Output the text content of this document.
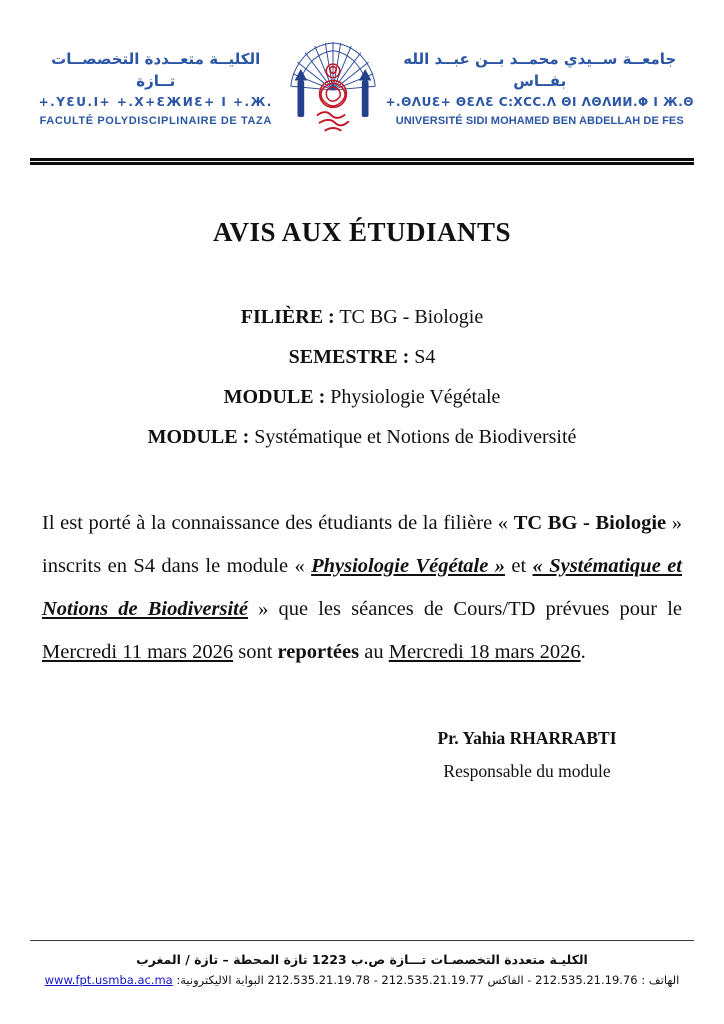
الكليــة متعــددة التخصصــات تــازة
+.YƐU.I+ +.X+ƐЖИƐ+ I +.Ж.
FACULTÉ POLYDISCIPLINAIRE DE TAZA
جامعــة ســيدي محمــد بــن عبــد الله بفــاس
+.ΘΛUƐ+ ΘƐΛƐ C:ΧCC.Λ ΘΙ ΛΘΛИИ.Φ I Ж.Θ
UNIVERSITÉ SIDI MOHAMED BEN ABDELLAH DE FES
AVIS AUX ÉTUDIANTS
FILIÈRE : TC BG - Biologie
SEMESTRE : S4
MODULE : Physiologie Végétale
MODULE : Systématique et Notions de Biodiversité

Il est porté à la connaissance des étudiants de la filière « TC BG - Biologie » inscrits en S4 dans le module « Physiologie Végétale » et « Systématique et Notions de Biodiversité » que les séances de Cours/TD prévues pour le Mercredi 11 mars 2026 sont reportées au Mercredi 18 mars 2026.

Pr. Yahia RHARRABTI
Responsable du module
الكليـة متعددة التخصصـات تـــازة ص.ب 1223 تازة المحطة – تازة / المغرب
الهاتف : 212.535.21.19.76 - الفاكس 212.535.21.19.77 - 212.535.21.19.78 البوابة الاليكترونية: www.fpt.usmba.ac.ma
